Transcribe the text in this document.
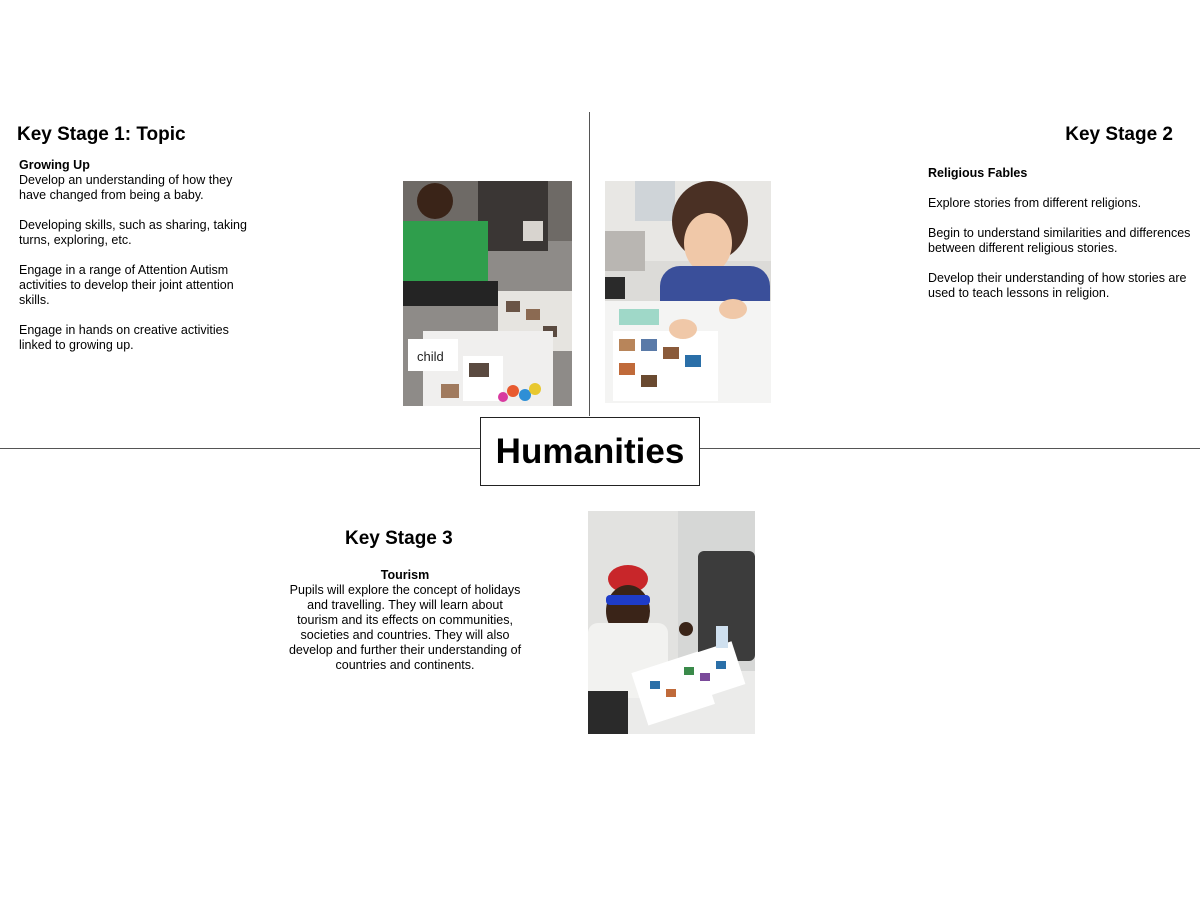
Key Stage 1: Topic
Growing Up

Develop an understanding of how they have changed from being a baby.

Developing skills, such as sharing, taking turns, exploring, etc.

Engage in a range of Attention Autism activities to develop their joint attention skills.

Engage in hands on creative activities linked to growing up.

child
Key Stage 2
Religious Fables

Explore stories from different religions.

Begin to understand similarities and differences between different religious stories.

Develop their understanding of how stories are used to teach lessons in religion.

Humanities
Key Stage 3
Tourism

Pupils will explore the concept of holidays and travelling. They will learn about tourism and its effects on communities, societies and countries. They will also develop and further their understanding of countries and continents.
